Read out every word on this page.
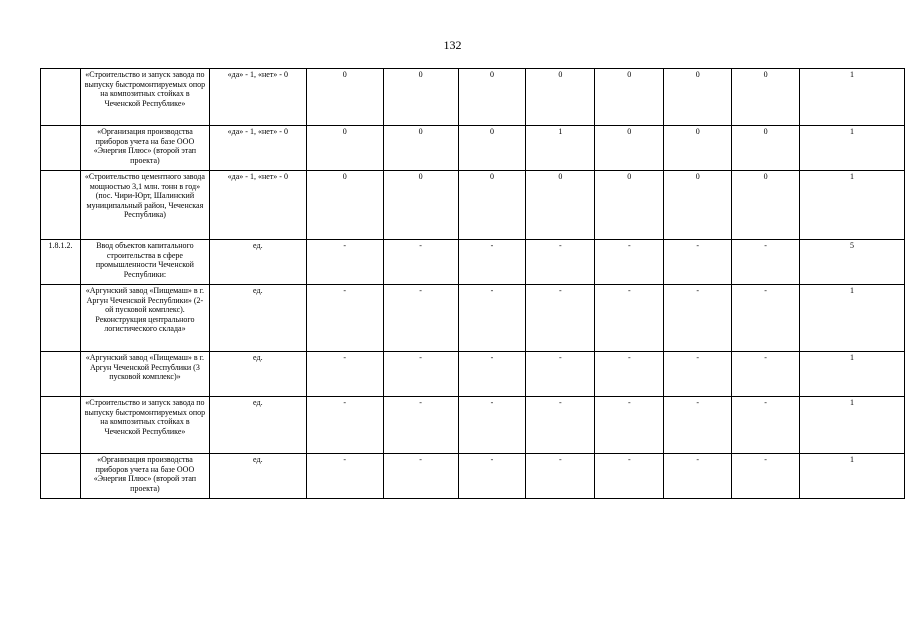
132
	«Строительство и запуск завода по выпуску быстромонтируемых опор на композитных стойках в Чеченской Республике»	«да» - 1, «нет» - 0	0	0	0	0	0	0	0	1
	«Организация производства приборов учета на базе ООО «Энергия Плюс» (второй этап проекта)	«да» - 1, «нет» - 0	0	0	0	1	0	0	0	1
	«Строительство цементного завода мощностью 3,1 млн. тонн в год» (пос. Чири-Юрт, Шалинский муниципальный район, Чеченская Республика)	«да» - 1, «нет» - 0	0	0	0	0	0	0	0	1
1.8.1.2.	Ввод объектов капитального строительства в сфере промышленности Чеченской Республики:	ед.	-	-	-	-	-	-	-	5
	«Аргунский завод «Пищемаш» в г. Аргун Чеченской Республики» (2-ой пусковой комплекс). Реконструкция центрального логистического склада»	ед.	-	-	-	-	-	-	-	1
	«Аргунский завод «Пищемаш» в г. Аргун Чеченской Республики (3 пусковой комплекс)»	ед.	-	-	-	-	-	-	-	1
	«Строительство и запуск завода по выпуску быстромонтируемых опор на композитных стойках в Чеченской Республике»	ед.	-	-	-	-	-	-	-	1
	«Организация производства приборов учета на базе ООО «Энергия Плюс» (второй этап проекта)	ед.	-	-	-	-	-	-	-	1
